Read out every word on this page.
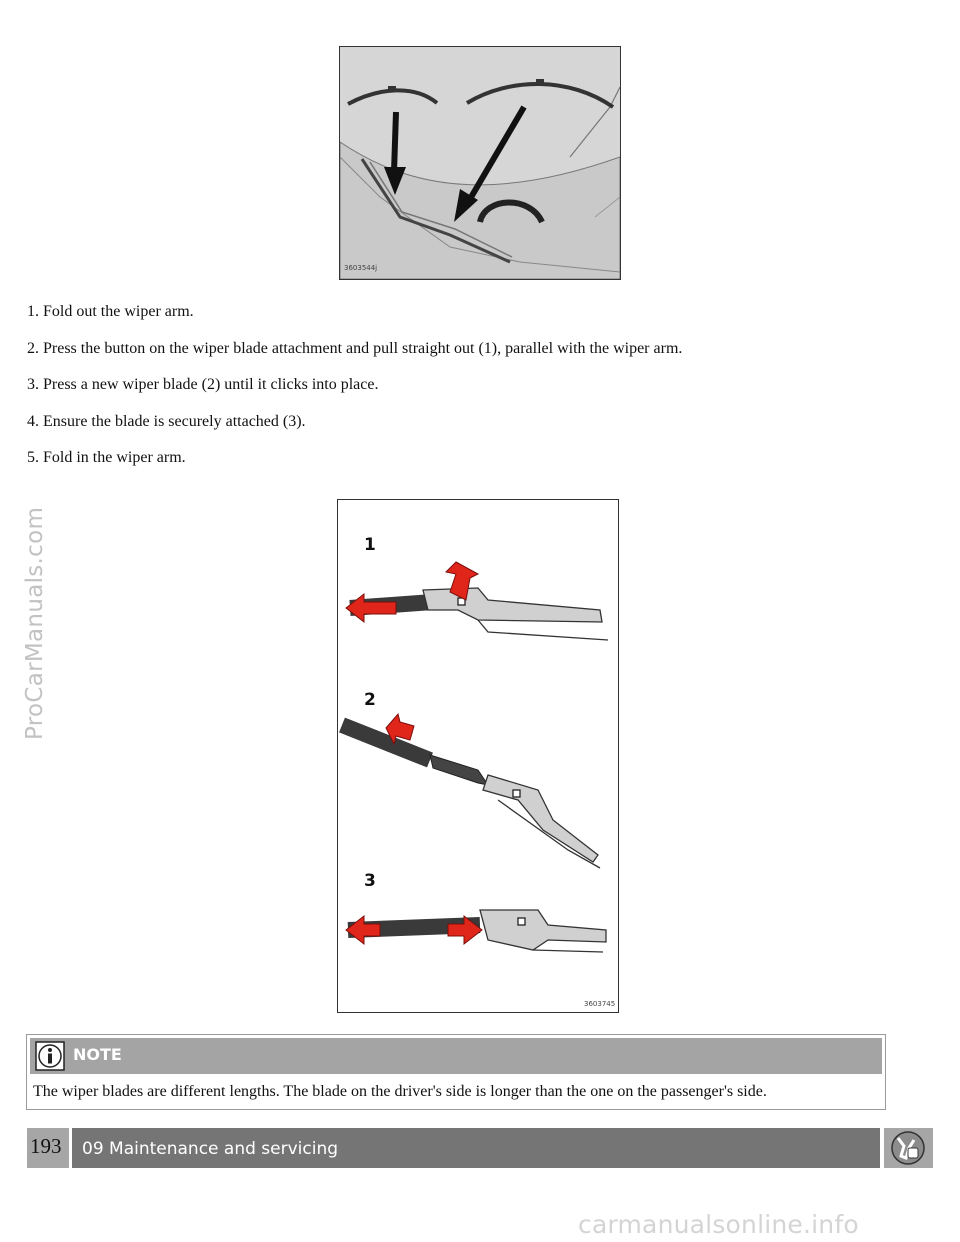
3603544j
1. Fold out the wiper arm.
2. Press the button on the wiper blade attachment and pull straight out (1), parallel with the wiper arm.
3. Press a new wiper blade (2) until it clicks into place.
4. Ensure the blade is securely attached (3).
5. Fold in the wiper arm.
1
2
3
3603745
ProCarManuals.com
NOTE
The wiper blades are different lengths. The blade on the driver's side is longer than the one on the passenger's side.
193	09 Maintenance and servicing
carmanualsonline.info
